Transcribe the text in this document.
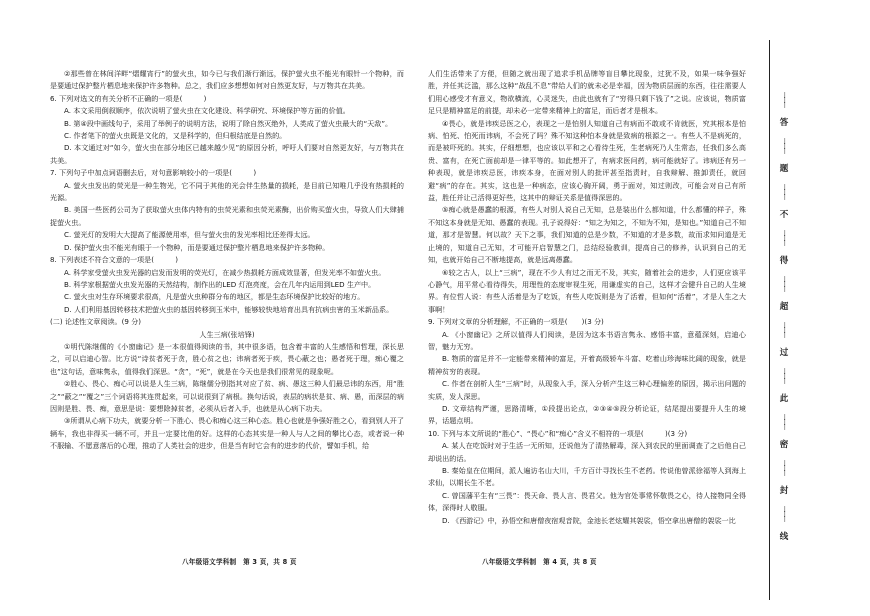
②那些曾在林间洋畔“熠耀宵行”的萤火虫，如今已与我们渐行渐远，保护萤火虫不能光有眼针一个物种，而是要通过保护整片栖息地来保护许多物种。总之，我们应多想想如何对自然更友好，与万物共在共美。

6. 下列对选文的有关分析不正确的一项是(　　　)

A. 本文采用倒叙顺序，依次说明了萤火虫在文化建设、科学研究、环境保护等方面的价值。

B. 第④段中画线句子，采用了举例子的说明方法，说明了除自然灭绝外，人类成了萤火虫最大的“天敌”。

C. 作者笔下的萤火虫既是文化的，又是科学的，但归根结底是自然的。

D. 本文通过对“如今，萤火虫在部分地区已越来越少见”的原因分析，呼吁人们要对自然更友好，与万物共在共美。

7. 下列句子中加点词语删去后，对句意影响较小的一项是(　　　)

A. 萤火虫发出的荧光是一种生物光，它不同于其他的光会伴生热量的损耗，是目前已知唯几乎没有热损耗的光源。

B. 美国一些医药公司为了获取萤火虫体内特有的虫荧光素和虫荧光素酶，出价购买萤火虫，导致人们大肆捕捉萤火虫。

C. 萤光灯的发明大大提高了能源使用率，但与萤火虫的发光率相比还差得太远。

D. 保护萤火虫不能光有眼于一个物种，而是要通过保护整片栖息地来保护许多物种。

8. 下列表述不符合文意的一项是(　　　)

A. 科学家受萤火虫发光器的启发而发明的荧光灯，在减少热损耗方面成效显著，但发光率不如萤火虫。

B. 科学家根据萤火虫发光器的天然结构，制作出的LED 灯泡亮度，会在几年内运用到LED 生产中。

C. 萤火虫对生存环境要求很高，凡是萤火虫种群分布的地区，都是生态环境保护比较好的地方。

D. 人们利用基因转移技术把萤火虫的基因转移到玉米中，能够较快地培育出具有抗病虫害的玉米新品系。

(二) 论述性文章阅读。(9 分)

人生三病(张培锋)

①明代陈继儒的《小窗幽记》是一本很值得阅读的书，其中很多语，包含着丰富的人生感悟和哲理，深长思之，可以启迪心智。比方说“诗贫者死于贪，胜心贫之也；讳病者死于疾，畏心蔽之也；愚者死于理，痴心覆之也”这句话，意味隽永，值得我们深思。“贪”，“死”，就是在今天也是我们很常见的现象呢。

②胜心、畏心、痴心可以说是人生三病，陈继儒分别指其对应了贫、病、愚这三种人们最忌讳的东西，用“胜之”“蔽之”“覆之”三个词语将其连贯起来，可以说很到了病根。换句话说，表层的病状是贫、病、愚，而深层的病因则是胜、畏、痴，意思是说：要想除掉贫者，必须从后者入手，也就是从心病下功夫。

③所谓从心病下功夫，就要分析一下胜心、畏心和痴心这三种心态。胜心也就是争强好胜之心，看到别人开了辆车，我也非得买一辆不可，并且一定要比他的好。这样的心态其实是一种人与人之间的攀比心态，或者说一种不服输、不愿意落后的心理，推动了人类社会的进步，但是当有时它会有的进步的代价，譬如手机，给

人们生活带来了方便，但随之就出现了追求手机品牌等盲目攀比现象，过犹不及，如果一味争强好胜，并任其泛滥，那么这种“战乱不息”带给人们的就未必是幸福，因为物质层面的东西，往往需要人们用心感受才有意义，物欲横流，心灵迷失，由此也就有了“穷得只剩下钱了”之说。应该说，物质富足只是精神富足的前提，却未必一定带来精神上的富足，而后者才是根本。

④畏心，就是讳疾忌医之心，表现之一是怕别人知道自己有病而不敢或不肯就医，究其根本是怕病、怕死、怕死而讳病，不会死了吗？殊不知这种怕本身就是致病的根源之一。有些人不是病死的，而是被吓死的。其实，仔细想想，也应该以平和之心看待生死，生老病死乃人生常态，任我们多么高贵、富有，在死亡面前却是一律平等的。如此想开了，有病求医问药，病可能就好了。讳病还有另一种表现，就是讳疾忌医，讳疾本身，在面对别人的批评甚至指责时，自我辩解、推卸责任，就回避“病”的存在。其实，这也是一种病态，应该心胸开阔，勇于面对，知过则改，可能会对自己有所益，胜任并让己活得更好些，这其中的辩证关系是值得深思的。

⑤痴心就是愚蠢的根源，有些人对别人说自己无知，总是装出什么都知道，什么都懂的样子，殊不知这本身就是无知、愚蠢的表现。孔子说得好：“知之为知之，不知为不知，是知也。”知道自己不知道，那才是智慧。何以故？天下之事，我们知道的总是少数，不知道的才是多数，故而求知问道是无止境的，知道自己无知，才可能开启智慧之门，总结经验教训，提高自己的修养，认识到自己的无知，也就开始自己不断地提高，就是远离愚蠢。

⑥较之古人，以上“三病”，现在不少人有过之而无不及，其实，随着社会的进步，人们更应该平心静气，用平常心看待得失，用理性的态度审视生死，用谦虚实的自己，这样才会健升自己的人生境界。有位哲人说：有些人活着是为了吃饭，有些人吃饭则是为了活着，但如何“活着”，才是人生之大事啊！

9. 下列对文章的分析理解，不正确的一项是(　　)(3 分)

A. 《小窗幽记》之所以值得人们阅读，是因为这本书语言隽永、感悟丰富，意蕴深刻，启迪心智，魅力无穷。

B. 物质的富足并不一定能带来精神的富足，开着高级轿车斗富、吃着山珍海味比阔的现象，就是精神贫穷的表现。

C. 作者在剖析人生“三病”时，从现象入手，深入分析产生这三种心理偏差的原因，揭示出问题的实质，发人深思。

D. 文章结构严谨，思路清晰，①段提出论点，②③④⑤段分析论证，结尾提出要提升人生的境界，话题点明。

10. 下列与本文所说的“胜心”、“畏心”和“痴心”含义不相符的一项是(　　　)(3 分)

A. 某人在吃饭时对于生活一无所知，还说他为了清热解毒，深入到农民的里面调查了之后他自己却说出的话。

B. 秦始皇在位期间，派人遍访名山大川，千方百计寻找长生不老药。传说他曾派徐福等人到海上求仙，以期长生不老。

C. 曾国藩平生有“三畏”：畏天命、畏人言、畏君父。他为官处事常怀敬畏之心，待人接物同全得体，深得时人敬服。

D. 《西游记》中，孙悟空和唐僧夜宿观音院，金池长老炫耀其袈裟，悟空拿出唐僧的袈裟一比

八年级语文学科制　第 3 页，共 8 页	八年级语文学科制　第 4 页，共 8 页
⋯⋯⋯
答
⋯⋯⋯
题
⋯⋯⋯
不
⋯⋯⋯
得
⋯⋯⋯
超
⋯⋯⋯
过
⋯⋯⋯
此
⋯⋯⋯
密
⋯⋯⋯
封
⋯⋯⋯
线
